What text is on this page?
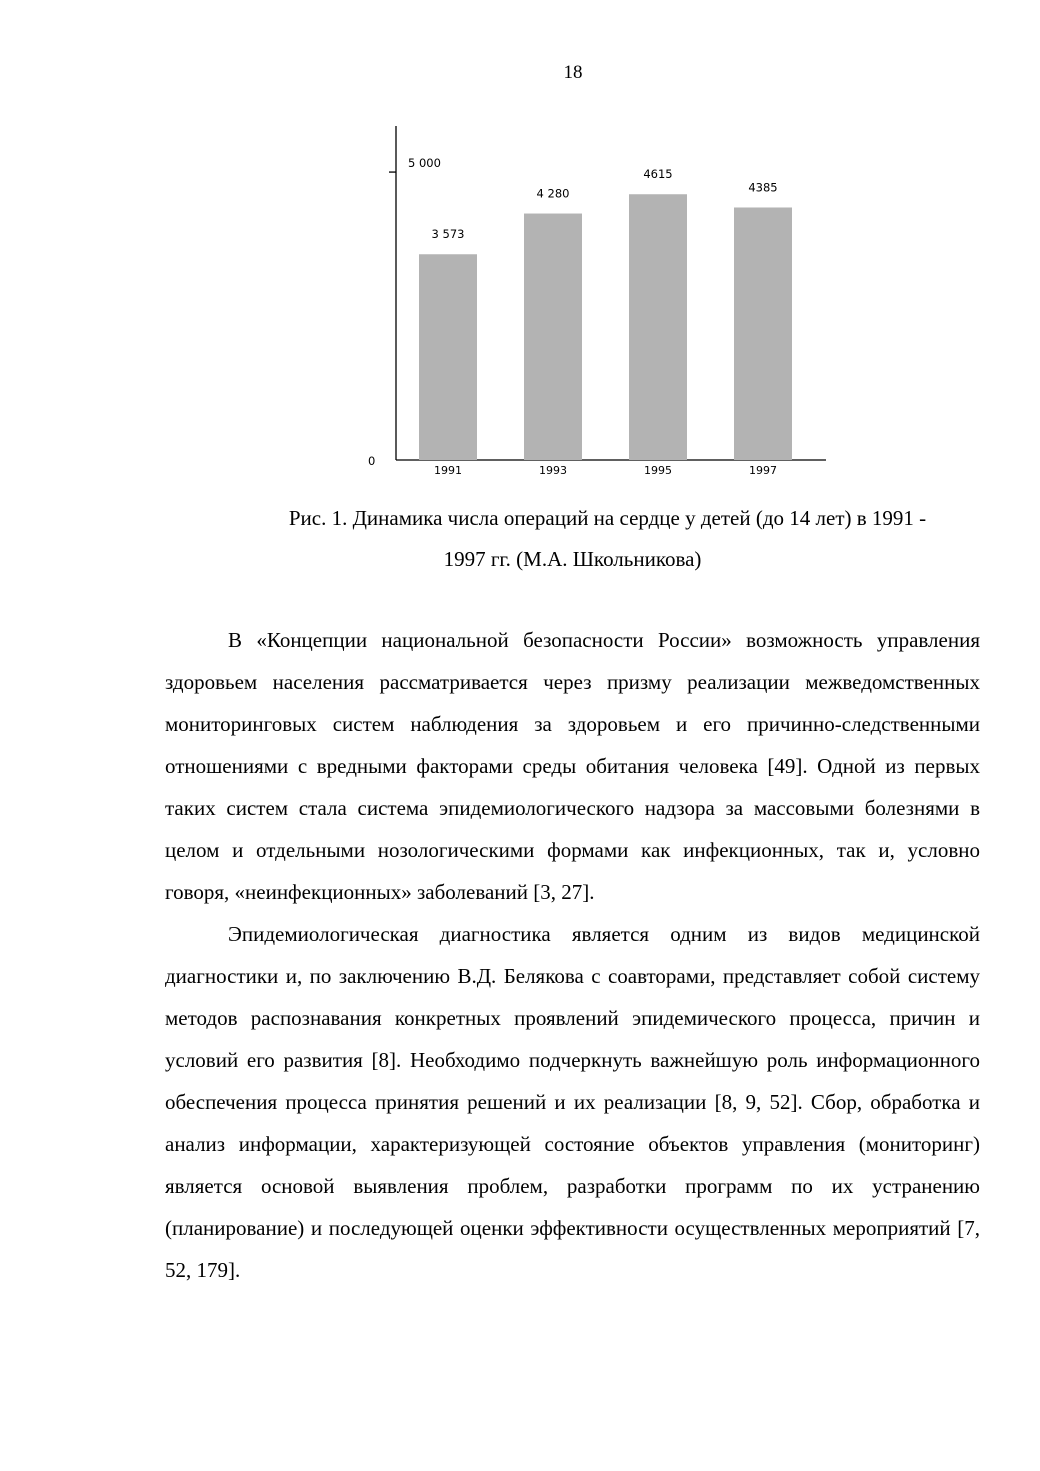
18
0
5 000
3 573
1991
4 280
1993
4615
1995
4385
1997
Рис. 1. Динамика числа операций на сердце у детей (до 14 лет) в 1991 -
1997 гг. (М.А. Школьникова)

В «Концепции национальной безопасности России» возможность управления здоровьем населения рассматривается через призму реализации межведомственных мониторинговых систем наблюдения за здоровьем и его причинно-следственными отношениями с вредными факторами среды обитания человека [49]. Одной из первых таких систем стала система эпидемиологического надзора за массовыми болезнями в целом и отдельными нозологическими формами как инфекционных, так и, условно говоря, «неинфекционных» заболеваний [3, 27].

Эпидемиологическая диагностика является одним из видов медицинской диагностики и, по заключению В.Д. Белякова с соавторами, представляет собой систему методов распознавания конкретных проявлений эпидемического процесса, причин и условий его развития [8]. Необходимо подчеркнуть важнейшую роль информационного обеспечения процесса принятия решений и их реализации [8, 9, 52]. Сбор, обработка и анализ информации, характеризующей состояние объектов управления (мониторинг) является основой выявления проблем, разработки программ по их устранению (планирование) и последующей оценки эффективности осуществленных мероприятий [7, 52, 179].
